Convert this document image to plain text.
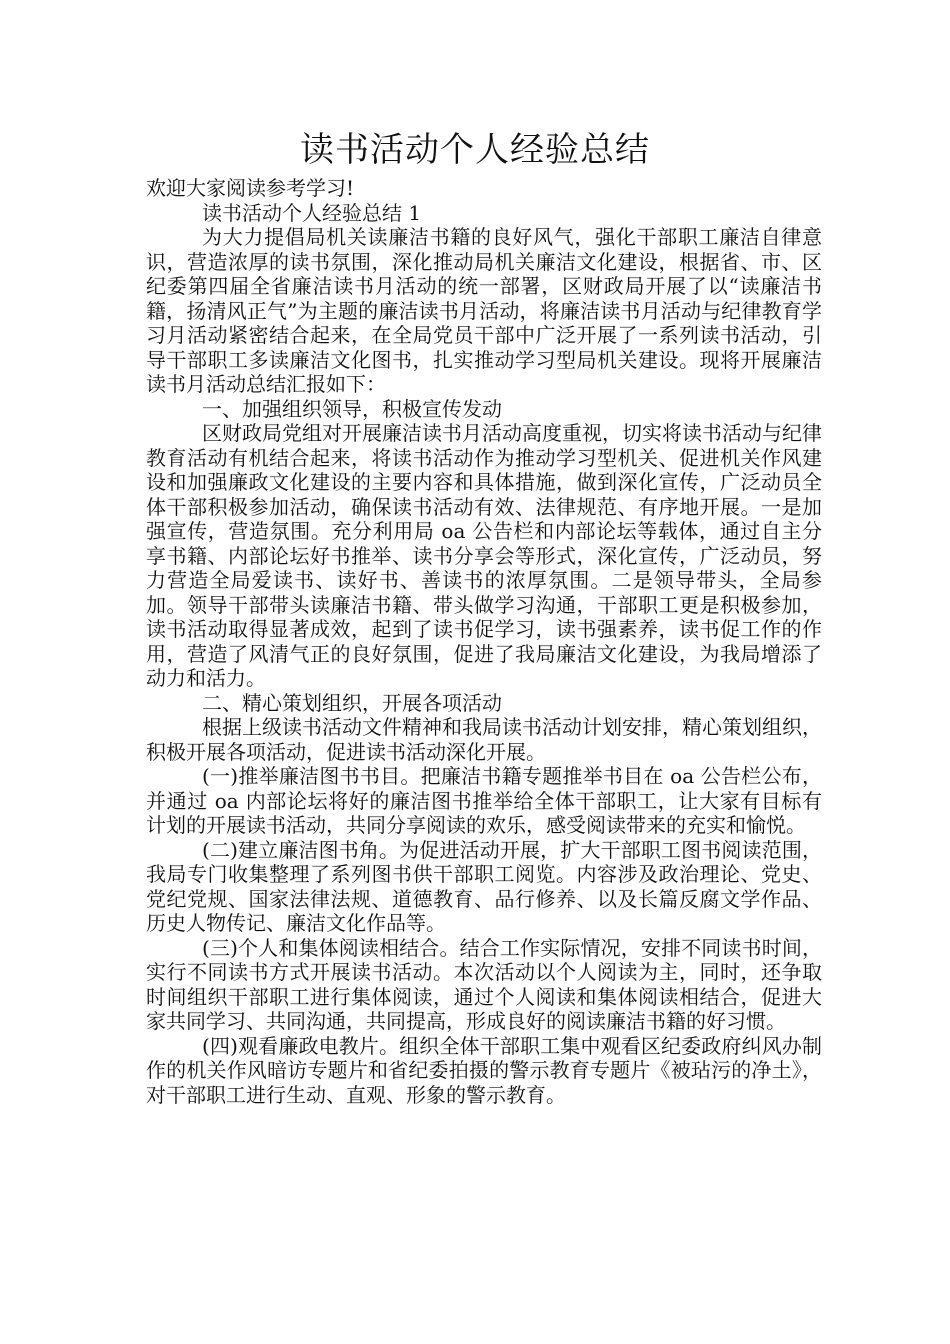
读书活动个人经验总结

欢迎大家阅读参考学习!

读书活动个人经验总结 1

为大力提倡局机关读廉洁书籍的良好风气，强化干部职工廉洁自律意识，营造浓厚的读书氛围，深化推动局机关廉洁文化建设，根据省、市、区纪委第四届全省廉洁读书月活动的统一部署，区财政局开展了以“读廉洁书籍，扬清风正气”为主题的廉洁读书月活动，将廉洁读书月活动与纪律教育学习月活动紧密结合起来，在全局党员干部中广泛开展了一系列读书活动，引导干部职工多读廉洁文化图书，扎实推动学习型局机关建设。现将开展廉洁读书月活动总结汇报如下：

一、加强组织领导，积极宣传发动

区财政局党组对开展廉洁读书月活动高度重视，切实将读书活动与纪律教育活动有机结合起来，将读书活动作为推动学习型机关、促进机关作风建设和加强廉政文化建设的主要内容和具体措施，做到深化宣传，广泛动员全体干部积极参加活动，确保读书活动有效、法律规范、有序地开展。一是加强宣传，营造氛围。充分利用局 oa 公告栏和内部论坛等载体，通过自主分享书籍、内部论坛好书推举、读书分享会等形式，深化宣传，广泛动员，努力营造全局爱读书、读好书、善读书的浓厚氛围。二是领导带头，全局参加。领导干部带头读廉洁书籍、带头做学习沟通，干部职工更是积极参加，读书活动取得显著成效，起到了读书促学习，读书强素养，读书促工作的作用，营造了风清气正的良好氛围，促进了我局廉洁文化建设，为我局增添了动力和活力。

二、精心策划组织，开展各项活动

根据上级读书活动文件精神和我局读书活动计划安排，精心策划组织，积极开展各项活动，促进读书活动深化开展。

(一)推举廉洁图书书目。把廉洁书籍专题推举书目在 oa 公告栏公布，并通过 oa 内部论坛将好的廉洁图书推举给全体干部职工，让大家有目标有计划的开展读书活动，共同分享阅读的欢乐，感受阅读带来的充实和愉悦。

(二)建立廉洁图书角。为促进活动开展，扩大干部职工图书阅读范围，我局专门收集整理了系列图书供干部职工阅览。内容涉及政治理论、党史、党纪党规、国家法律法规、道德教育、品行修养、以及长篇反腐文学作品、历史人物传记、廉洁文化作品等。

(三)个人和集体阅读相结合。结合工作实际情况，安排不同读书时间，实行不同读书方式开展读书活动。本次活动以个人阅读为主，同时，还争取时间组织干部职工进行集体阅读，通过个人阅读和集体阅读相结合，促进大家共同学习、共同沟通，共同提高，形成良好的阅读廉洁书籍的好习惯。

(四)观看廉政电教片。组织全体干部职工集中观看区纪委政府纠风办制作的机关作风暗访专题片和省纪委拍摄的警示教育专题片《被玷污的净土》，对干部职工进行生动、直观、形象的警示教育。
